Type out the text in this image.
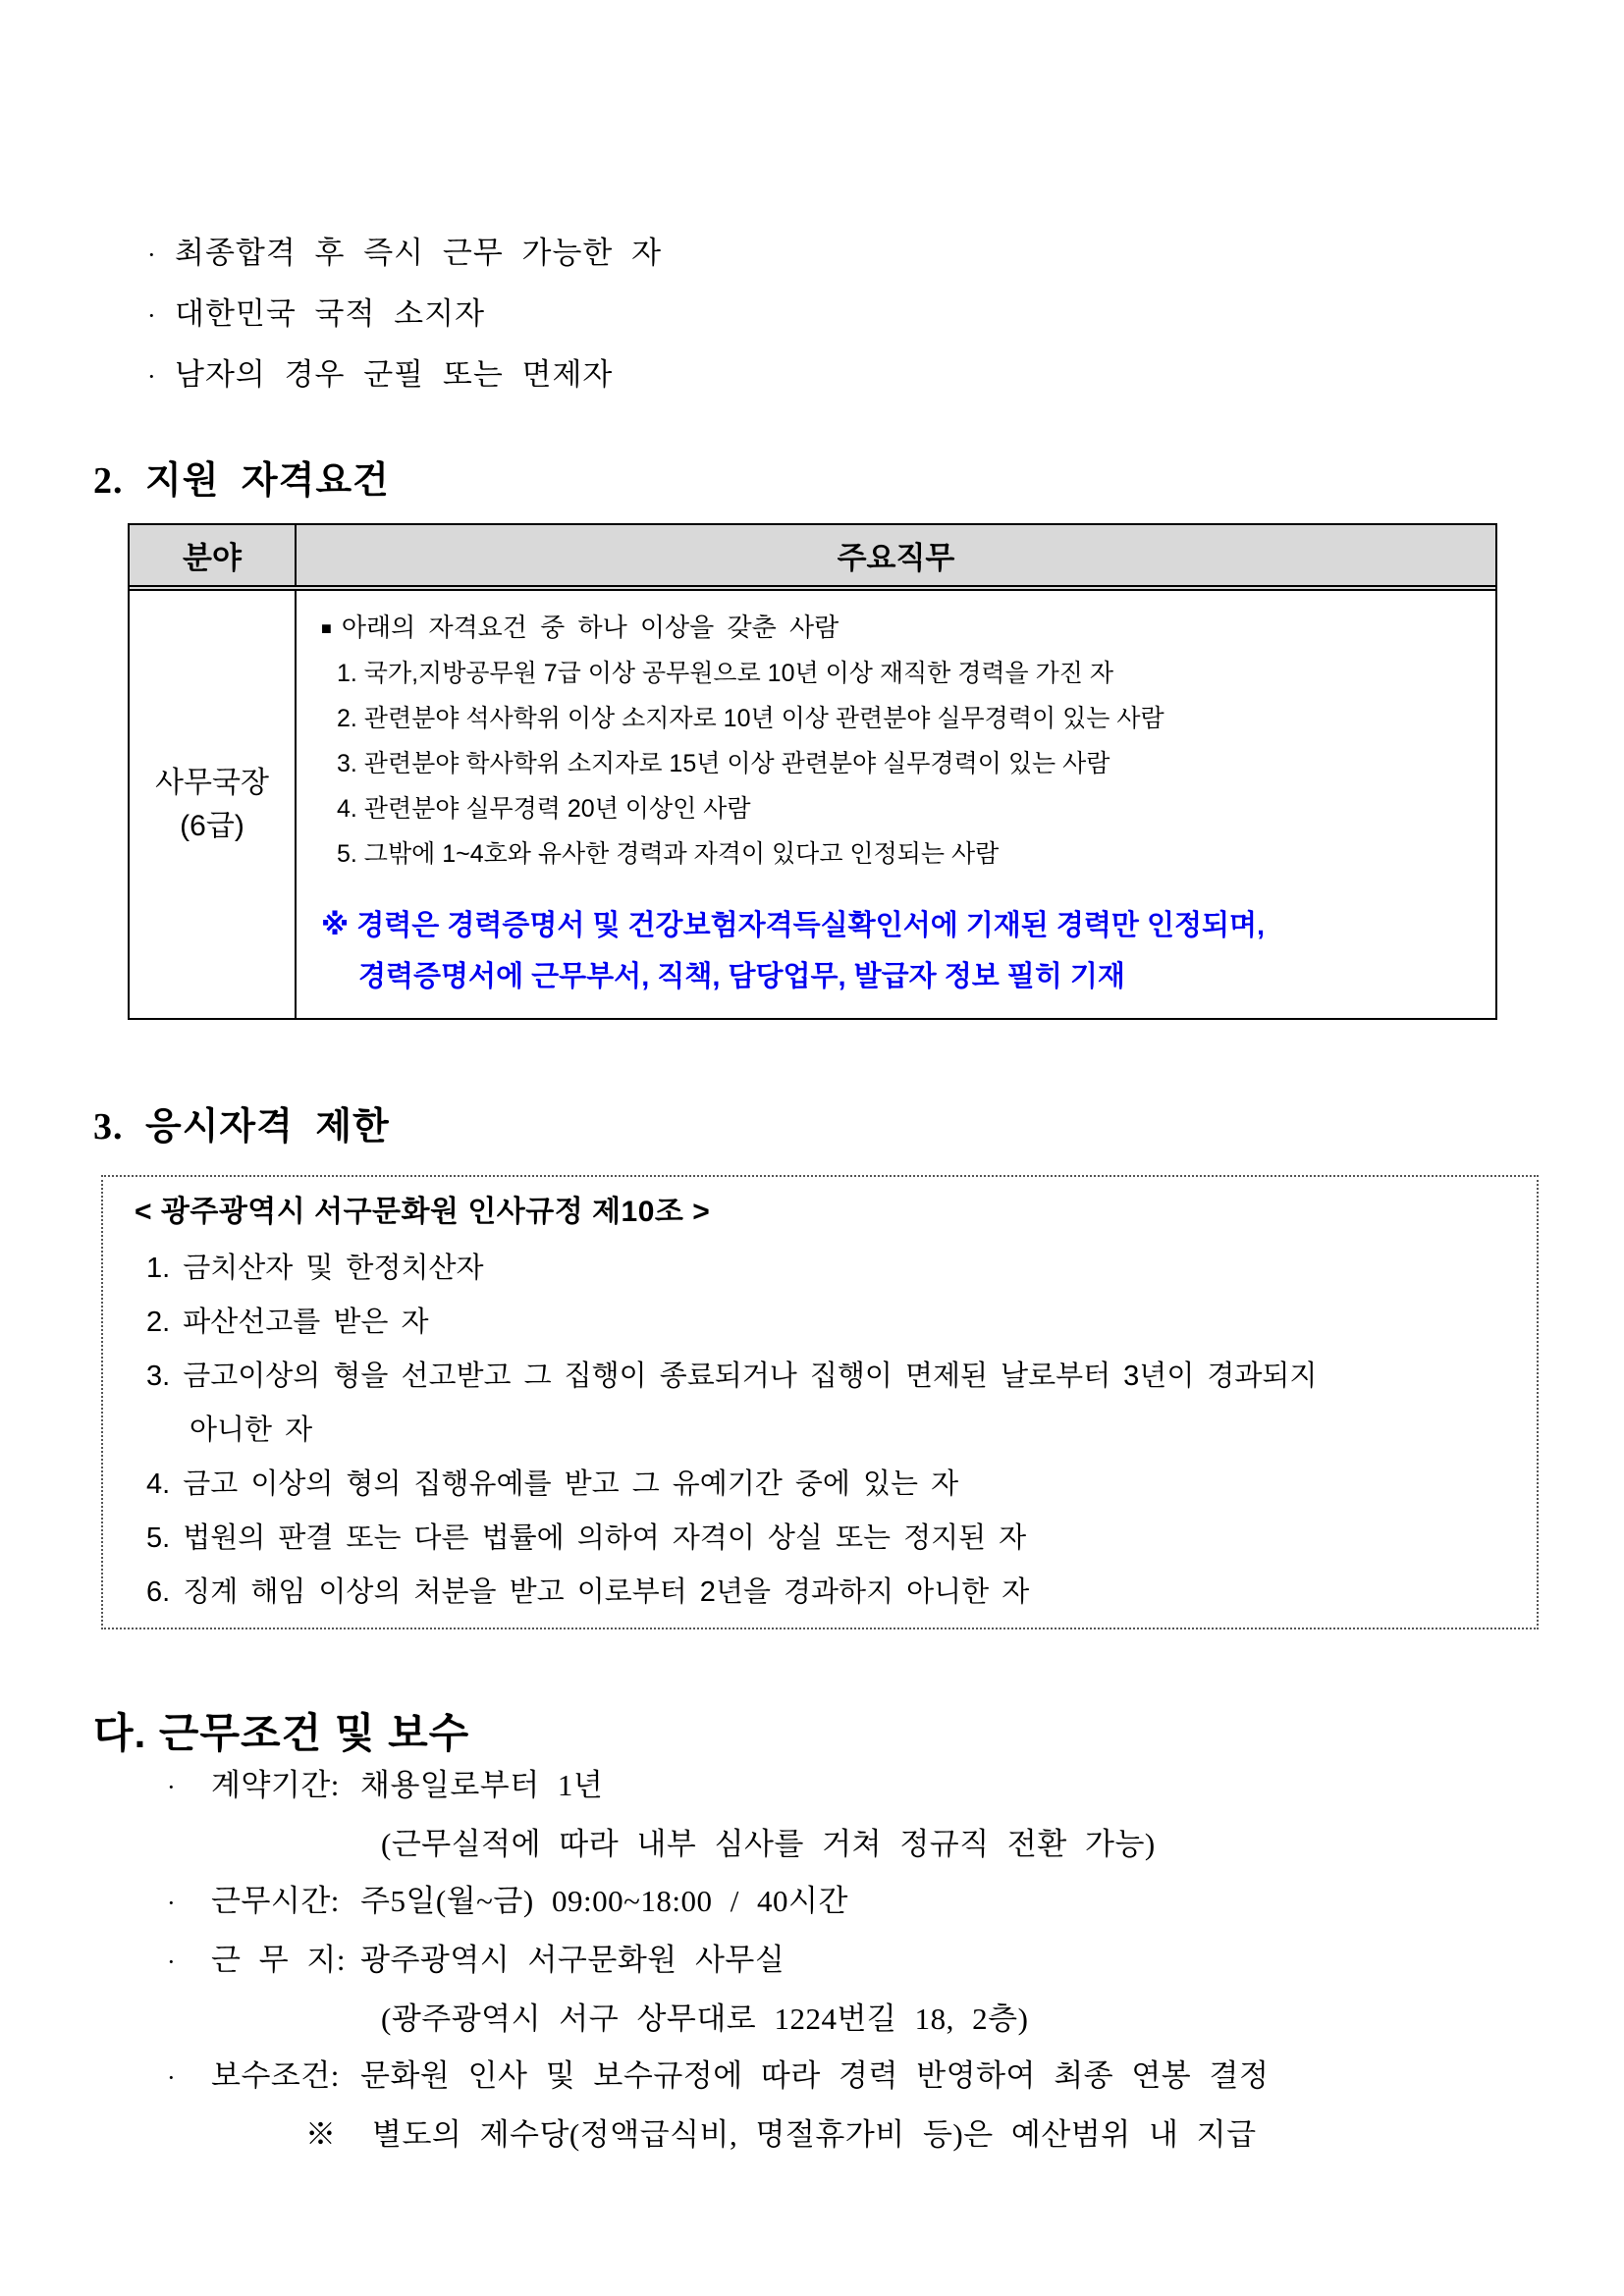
· 최종합격 후 즉시 근무 가능한 자
· 대한민국 국적 소지자
· 남자의 경우 군필 또는 면제자
2. 지원 자격요건
분야	주요직무
사무국장
(6급)
■ 아래의 자격요건 중 하나 이상을 갖춘 사람
1. 국가,지방공무원 7급 이상 공무원으로 10년 이상 재직한 경력을 가진 자
2. 관련분야 석사학위 이상 소지자로 10년 이상 관련분야 실무경력이 있는 사람
3. 관련분야 학사학위 소지자로 15년 이상 관련분야 실무경력이 있는 사람
4. 관련분야 실무경력 20년 이상인 사람
5. 그밖에 1~4호와 유사한 경력과 자격이 있다고 인정되는 사람
※ 경력은 경력증명서 및 건강보험자격득실확인서에 기재된 경력만 인정되며,
경력증명서에 근무부서, 직책, 담당업무, 발급자 정보 필히 기재
3. 응시자격 제한
< 광주광역시 서구문화원 인사규정 제10조 >
1. 금치산자 및 한정치산자
2. 파산선고를 받은 자
3. 금고이상의 형을 선고받고 그 집행이 종료되거나 집행이 면제된 날로부터 3년이 경과되지
아니한 자
4. 금고 이상의 형의 집행유예를 받고 그 유예기간 중에 있는 자
5. 법원의 판결 또는 다른 법률에 의하여 자격이 상실 또는 정지된 자
6. 징계 해임 이상의 처분을 받고 이로부터 2년을 경과하지 아니한 자
다. 근무조건 및 보수
· 계약기간: 채용일로부터 1년
(근무실적에 따라 내부 심사를 거쳐 정규직 전환 가능)
· 근무시간: 주5일(월~금) 09:00~18:00 / 40시간
· 근 무 지: 광주광역시 서구문화원 사무실
(광주광역시 서구 상무대로 1224번길 18, 2층)
· 보수조건: 문화원 인사 및 보수규정에 따라 경력 반영하여 최종 연봉 결정
※  별도의 제수당(정액급식비, 명절휴가비 등)은 예산범위 내 지급
